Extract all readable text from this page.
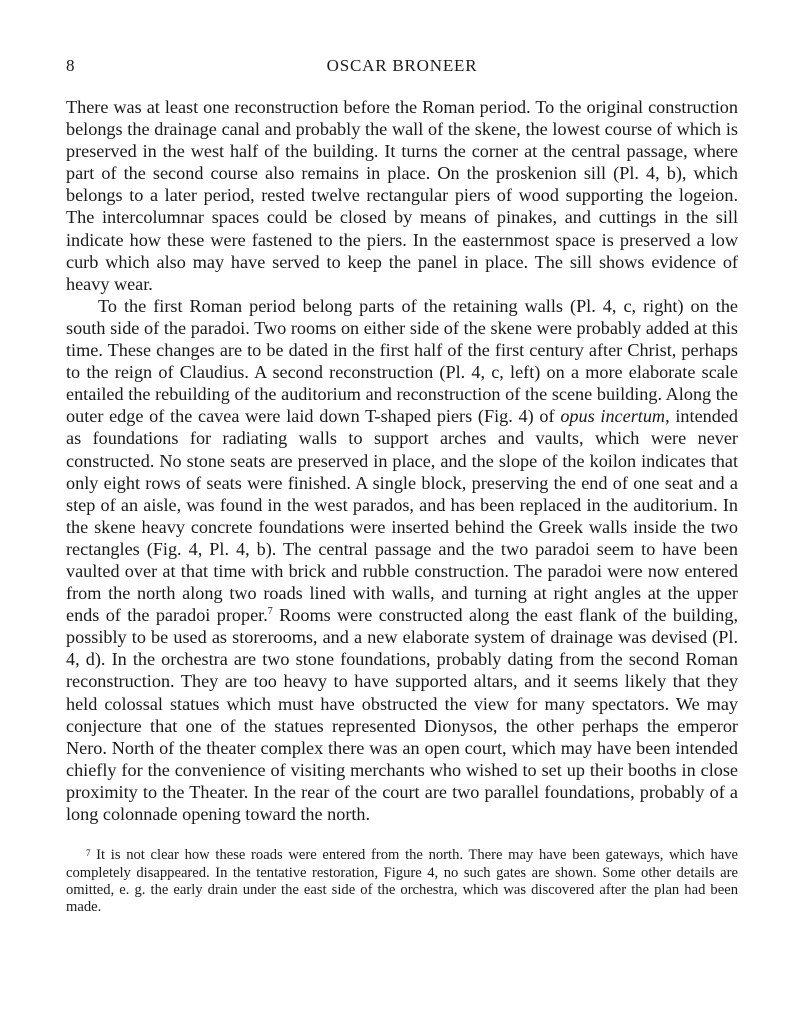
8	OSCAR BRONEER

There was at least one reconstruction before the Roman period. To the original construction belongs the drainage canal and probably the wall of the skene, the lowest course of which is preserved in the west half of the building. It turns the corner at the central passage, where part of the second course also remains in place. On the proskenion sill (Pl. 4, b), which belongs to a later period, rested twelve rectangular piers of wood supporting the logeion. The intercolumnar spaces could be closed by means of pinakes, and cuttings in the sill indicate how these were fastened to the piers. In the easternmost space is preserved a low curb which also may have served to keep the panel in place. The sill shows evidence of heavy wear.

To the first Roman period belong parts of the retaining walls (Pl. 4, c, right) on the south side of the paradoi. Two rooms on either side of the skene were probably added at this time. These changes are to be dated in the first half of the first century after Christ, perhaps to the reign of Claudius. A second reconstruction (Pl. 4, c, left) on a more elaborate scale entailed the rebuilding of the auditorium and reconstruction of the scene building. Along the outer edge of the cavea were laid down T-shaped piers (Fig. 4) of opus incertum, intended as foundations for radiating walls to support arches and vaults, which were never constructed. No stone seats are preserved in place, and the slope of the koilon indicates that only eight rows of seats were finished. A single block, preserving the end of one seat and a step of an aisle, was found in the west parados, and has been replaced in the auditorium. In the skene heavy concrete foundations were inserted behind the Greek walls inside the two rectangles (Fig. 4, Pl. 4, b). The central passage and the two paradoi seem to have been vaulted over at that time with brick and rubble construction. The paradoi were now entered from the north along two roads lined with walls, and turning at right angles at the upper ends of the paradoi proper.$^7$ Rooms were constructed along the east flank of the building, possibly to be used as storerooms, and a new elaborate system of drainage was devised (Pl. 4, d). In the orchestra are two stone foundations, probably dating from the second Roman reconstruction. They are too heavy to have supported altars, and it seems likely that they held colossal statues which must have obstructed the view for many spectators. We may conjecture that one of the statues represented Dionysos, the other perhaps the emperor Nero. North of the theater complex there was an open court, which may have been intended chiefly for the convenience of visiting merchants who wished to set up their booths in close proximity to the Theater. In the rear of the court are two parallel foundations, probably of a long colonnade opening toward the north.

$^7$ It is not clear how these roads were entered from the north. There may have been gateways, which have completely disappeared. In the tentative restoration, Figure 4, no such gates are shown. Some other details are omitted, e. g. the early drain under the east side of the orchestra, which was discovered after the plan had been made.
